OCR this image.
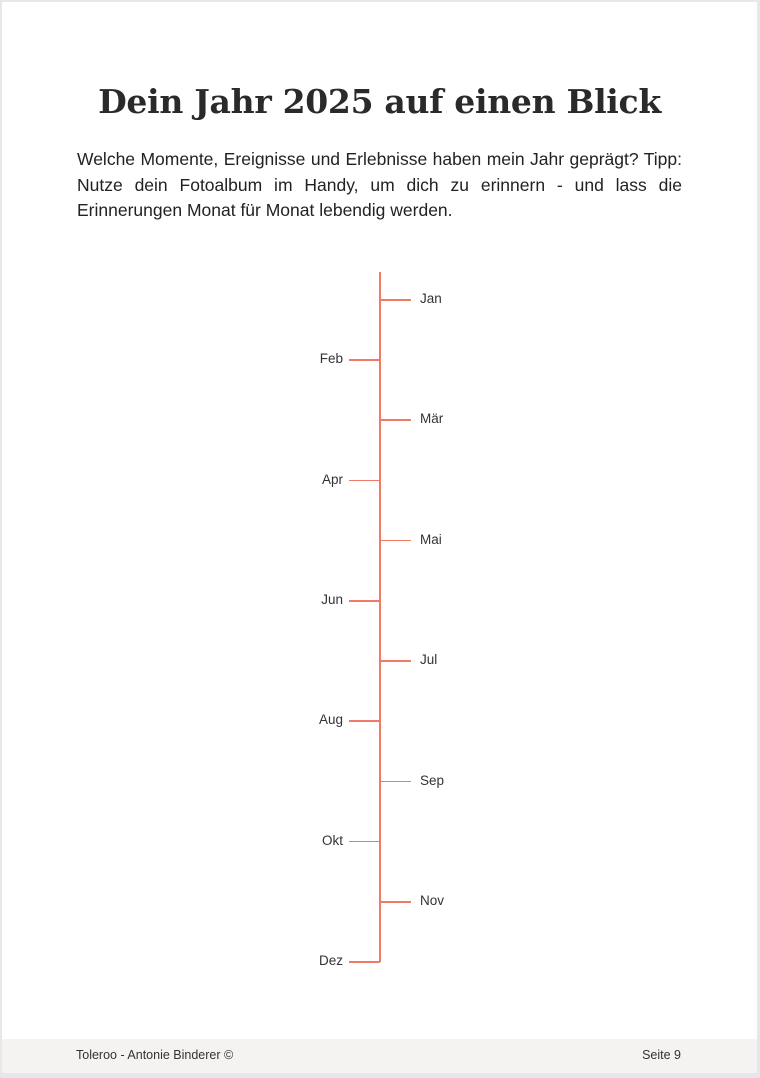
Dein Jahr 2025 auf einen Blick

Welche Momente, Ereignisse und Erlebnisse haben mein Jahr geprägt? Tipp: Nutze dein Fotoalbum im Handy, um dich zu erinnern - und lass die Erinnerungen Monat für Monat lebendig werden.

Jan
Feb
Mär
Apr
Mai
Jun
Jul
Aug
Sep
Okt
Nov
Dez
Toleroo - Antonie Binderer ©	Seite 9
